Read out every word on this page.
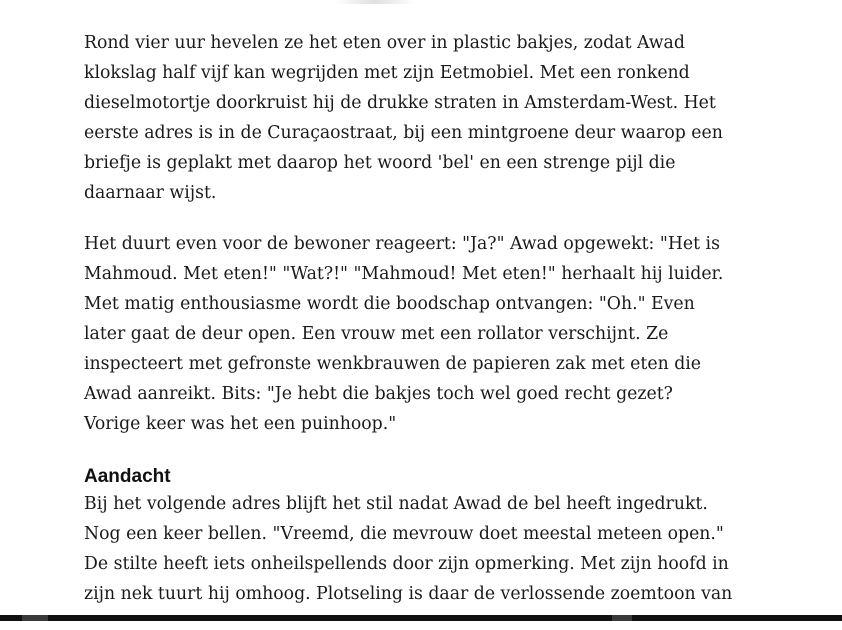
Rond vier uur hevelen ze het eten over in plastic bakjes, zodat Awad klokslag half vijf kan wegrijden met zijn Eetmobiel. Met een ronkend dieselmotortje doorkruist hij de drukke straten in Amsterdam-West. Het eerste adres is in de Curaçaostraat, bij een mintgroene deur waarop een briefje is geplakt met daarop het woord 'bel' en een strenge pijl die daarnaar wijst.

Het duurt even voor de bewoner reageert: "Ja?" Awad opgewekt: "Het is Mahmoud. Met eten!" "Wat?!" "Mahmoud! Met eten!" herhaalt hij luider. Met matig enthousiasme wordt die boodschap ontvangen: "Oh." Even later gaat de deur open. Een vrouw met een rollator verschijnt. Ze inspecteert met gefronste wenkbrauwen de papieren zak met eten die Awad aanreikt. Bits: "Je hebt die bakjes toch wel goed recht gezet? Vorige keer was het een puinhoop."

Aandacht

Bij het volgende adres blijft het stil nadat Awad de bel heeft ingedrukt. Nog een keer bellen. "Vreemd, die mevrouw doet meestal meteen open." De stilte heeft iets onheilspellends door zijn opmerking. Met zijn hoofd in zijn nek tuurt hij omhoog. Plotseling is daar de verlossende zoemtoon van
